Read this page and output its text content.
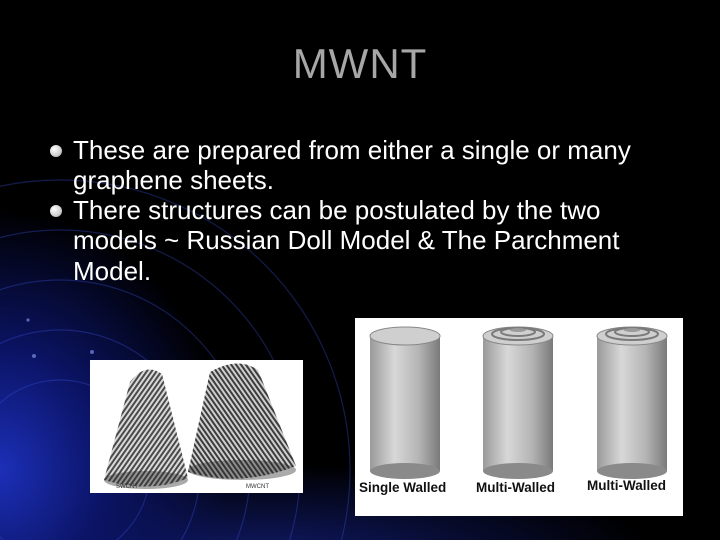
MWNT
These are prepared from either a single or many graphene sheets.
There structures can be postulated by the two models ~ Russian Doll Model & The Parchment Model.
SWCNT	MWCNT	Single Walled Multi-Walled Multi-Walled
